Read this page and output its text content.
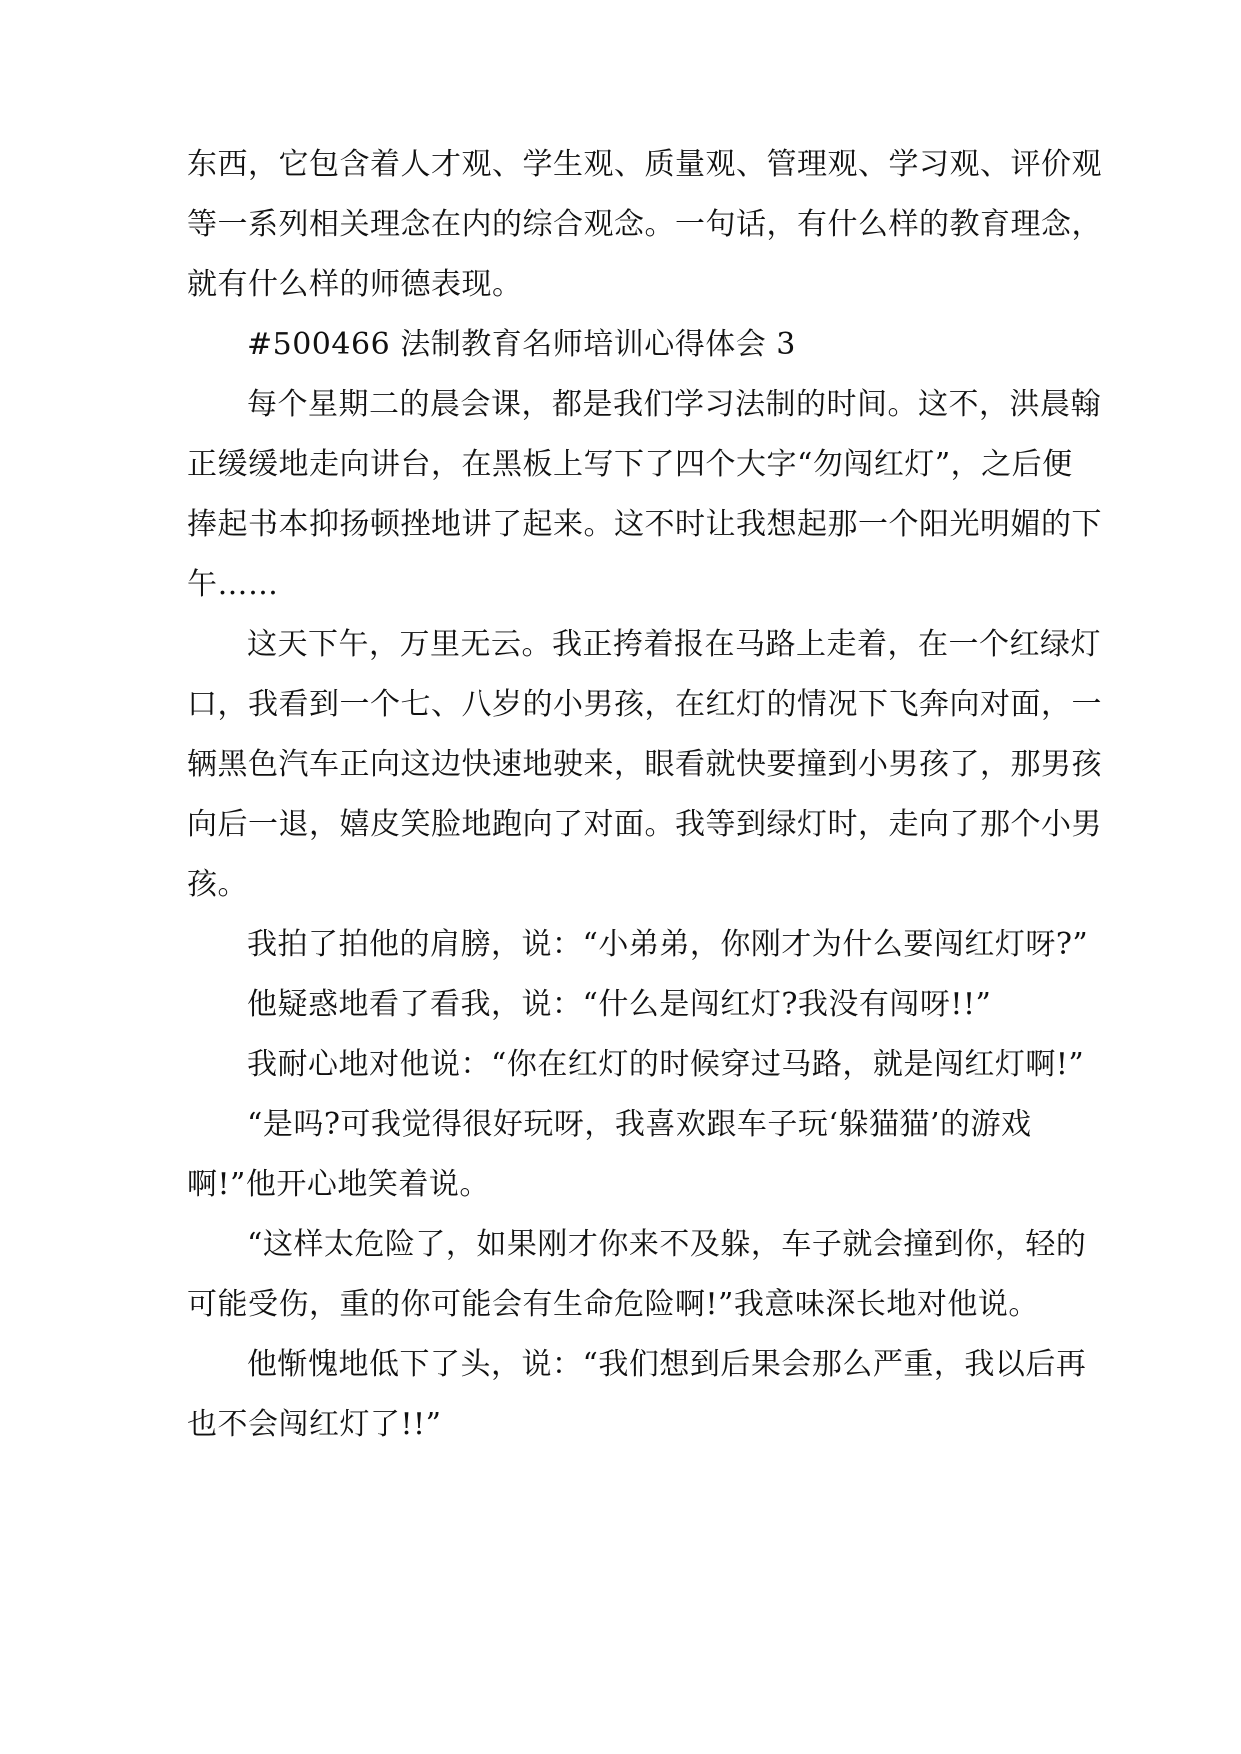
东西，它包含着人才观、学生观、质量观、管理观、学习观、评价观
等一系列相关理念在内的综合观念。一句话，有什么样的教育理念，
就有什么样的师德表现。
#500466 法制教育名师培训心得体会 3
每个星期二的晨会课，都是我们学习法制的时间。这不，洪晨翰
正缓缓地走向讲台，在黑板上写下了四个大字“勿闯红灯”，之后便
捧起书本抑扬顿挫地讲了起来。这不时让我想起那一个阳光明媚的下
午……
这天下午，万里无云。我正挎着报在马路上走着，在一个红绿灯
口，我看到一个七、八岁的小男孩，在红灯的情况下飞奔向对面，一
辆黑色汽车正向这边快速地驶来，眼看就快要撞到小男孩了，那男孩
向后一退，嬉皮笑脸地跑向了对面。我等到绿灯时，走向了那个小男
孩。
我拍了拍他的肩膀，说：“小弟弟，你刚才为什么要闯红灯呀?”
他疑惑地看了看我，说：“什么是闯红灯?我没有闯呀!!”
我耐心地对他说：“你在红灯的时候穿过马路，就是闯红灯啊!”
“是吗?可我觉得很好玩呀，我喜欢跟车子玩‘躲猫猫’的游戏
啊!”他开心地笑着说。
“这样太危险了，如果刚才你来不及躲，车子就会撞到你，轻的
可能受伤，重的你可能会有生命危险啊!”我意味深长地对他说。
他惭愧地低下了头，说：“我们想到后果会那么严重，我以后再
也不会闯红灯了!!”
